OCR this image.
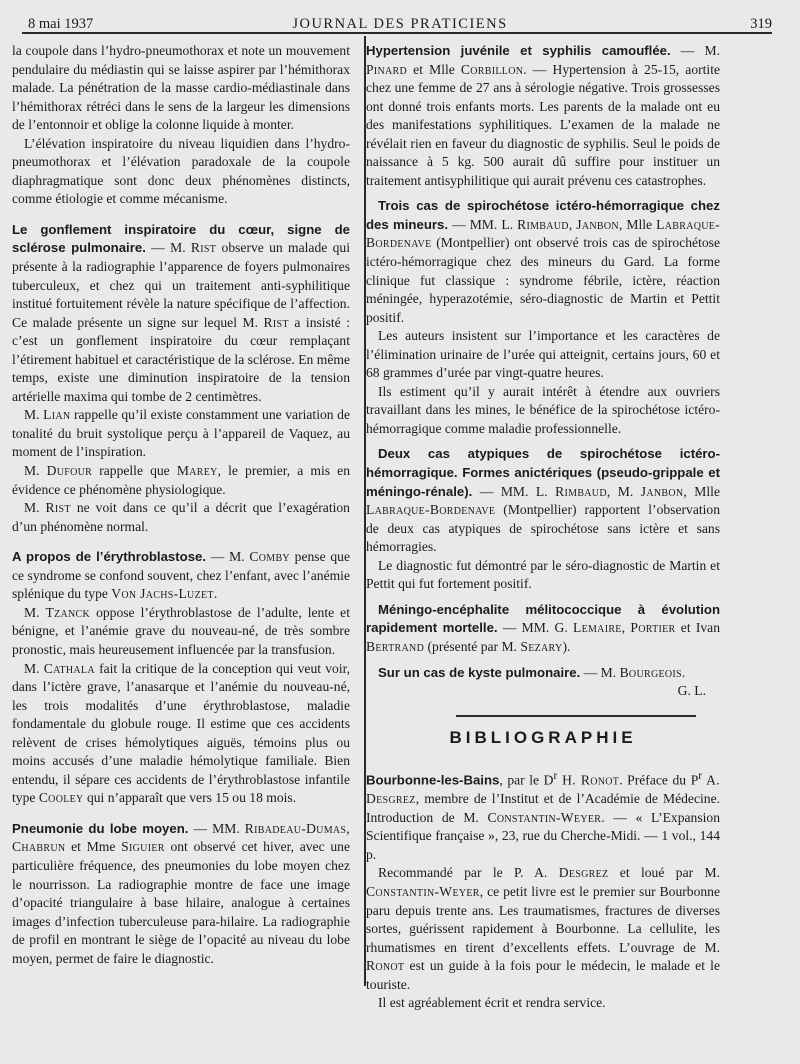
8 mai 1937	JOURNAL DES PRATICIENS	319

la coupole dans l’hydro-pneumothorax et note un mouvement pendulaire du médiastin qui se laisse aspirer par l’hémithorax malade. La pénétration de la masse cardio-médiastinale dans l’hémithorax rétréci dans le sens de la largeur les dimensions de l’entonnoir et oblige la colonne liquide à monter.

L’élévation inspiratoire du niveau liquidien dans l’hydro-pneumothorax et l’élévation paradoxale de la coupole diaphragmatique sont donc deux phénomènes distincts, comme étiologie et comme mécanisme.

Le gonflement inspiratoire du cœur, signe de sclérose pulmonaire. — M. Rist observe un malade qui présente à la radiographie l’apparence de foyers pulmonaires tuberculeux, et chez qui un traitement anti-syphilitique institué fortuitement révèle la nature spécifique de l’affection. Ce malade présente un signe sur lequel M. Rist a insisté : c’est un gonflement inspiratoire du cœur remplaçant l’étirement habituel et caractéristique de la sclérose. En même temps, existe une diminution inspiratoire de la tension artérielle maxima qui tombe de 2 centimètres.

M. Lian rappelle qu’il existe constamment une variation de tonalité du bruit systolique perçu à l’appareil de Vaquez, au moment de l’inspiration.

M. Dufour rappelle que Marey, le premier, a mis en évidence ce phénomène physiologique.

M. Rist ne voit dans ce qu’il a décrit que l’exagération d’un phénomène normal.

A propos de l’érythroblastose. — M. Comby pense que ce syndrome se confond souvent, chez l’enfant, avec l’anémie splénique du type Von Jachs-Luzet.

M. Tzanck oppose l’érythroblastose de l’adulte, lente et bénigne, et l’anémie grave du nouveau-né, de très sombre pronostic, mais heureusement influencée par la transfusion.

M. Cathala fait la critique de la conception qui veut voir, dans l’ictère grave, l’anasarque et l’anémie du nouveau-né, les trois modalités d’une érythroblastose, maladie fondamentale du globule rouge. Il estime que ces accidents relèvent de crises hémolytiques aiguës, témoins plus ou moins accusés d’une maladie hémolytique familiale. Bien entendu, il sépare ces accidents de l’érythroblastose infantile type Cooley qui n’apparaît que vers 15 ou 18 mois.

Pneumonie du lobe moyen. — MM. Ribadeau-Dumas, Chabrun et Mme Siguier ont observé cet hiver, avec une particulière fréquence, des pneumonies du lobe moyen chez le nourrisson. La radiographie montre de face une image d’opacité triangulaire à base hilaire, analogue à certaines images d’infection tuberculeuse para-hilaire. La radiographie de profil en montrant le siège de l’opacité au niveau du lobe moyen, permet de faire le diagnostic.

Hypertension juvénile et syphilis camouflée. — M. Pinard et Mlle Corbillon. — Hypertension à 25-15, aortite chez une femme de 27 ans à sérologie négative. Trois grossesses ont donné trois enfants morts. Les parents de la malade ont eu des manifestations syphilitiques. L’examen de la malade ne révélait rien en faveur du diagnostic de syphilis. Seul le poids de naissance à 5 kg. 500 aurait dû suffire pour instituer un traitement antisyphilitique qui aurait prévenu ces catastrophes.

Trois cas de spirochétose ictéro-hémorragique chez des mineurs. — MM. L. Rimbaud, Janbon, Mlle Labraque-Bordenave (Montpellier) ont observé trois cas de spirochétose ictéro-hémorragique chez des mineurs du Gard. La forme clinique fut classique : syndrome fébrile, ictère, réaction méningée, hyperazotémie, séro-diagnostic de Martin et Pettit positif.

Les auteurs insistent sur l’importance et les caractères de l’élimination urinaire de l’urée qui atteignit, certains jours, 60 et 68 grammes d’urée par vingt-quatre heures.

Ils estiment qu’il y aurait intérêt à étendre aux ouvriers travaillant dans les mines, le bénéfice de la spirochétose ictéro-hémorragique comme maladie professionnelle.

Deux cas atypiques de spirochétose ictéro-hémorragique. Formes anictériques (pseudo-grippale et méningo-rénale). — MM. L. Rimbaud, M. Janbon, Mlle Labraque-Bordenave (Montpellier) rapportent l’observation de deux cas atypiques de spirochétose sans ictère et sans hémorragies.

Le diagnostic fut démontré par le séro-diagnostic de Martin et Pettit qui fut fortement positif.

Méningo-encéphalite mélitococcique à évolution rapidement mortelle. — MM. G. Lemaire, Portier et Ivan Bertrand (présenté par M. Sezary).

Sur un cas de kyste pulmonaire. — M. Bourgeois.

G. L.
BIBLIOGRAPHIE

Bourbonne-les-Bains, par le $D^r$ H. Ronot. Préface du $P^r$ A. Desgrez, membre de l’Institut et de l’Académie de Médecine. Introduction de M. Constantin-Weyer. — « L’Expansion Scientifique française », 23, rue du Cherche-Midi. — 1 vol., 144 p.

Recommandé par le P. A. Desgrez et loué par M. Constantin-Weyer, ce petit livre est le premier sur Bourbonne paru depuis trente ans. Les traumatismes, fractures de diverses sortes, guérissent rapidement à Bourbonne. La cellulite, les rhumatismes en tirent d’excellents effets. L’ouvrage de M. Ronot est un guide à la fois pour le médecin, le malade et le touriste.

Il est agréablement écrit et rendra service.
